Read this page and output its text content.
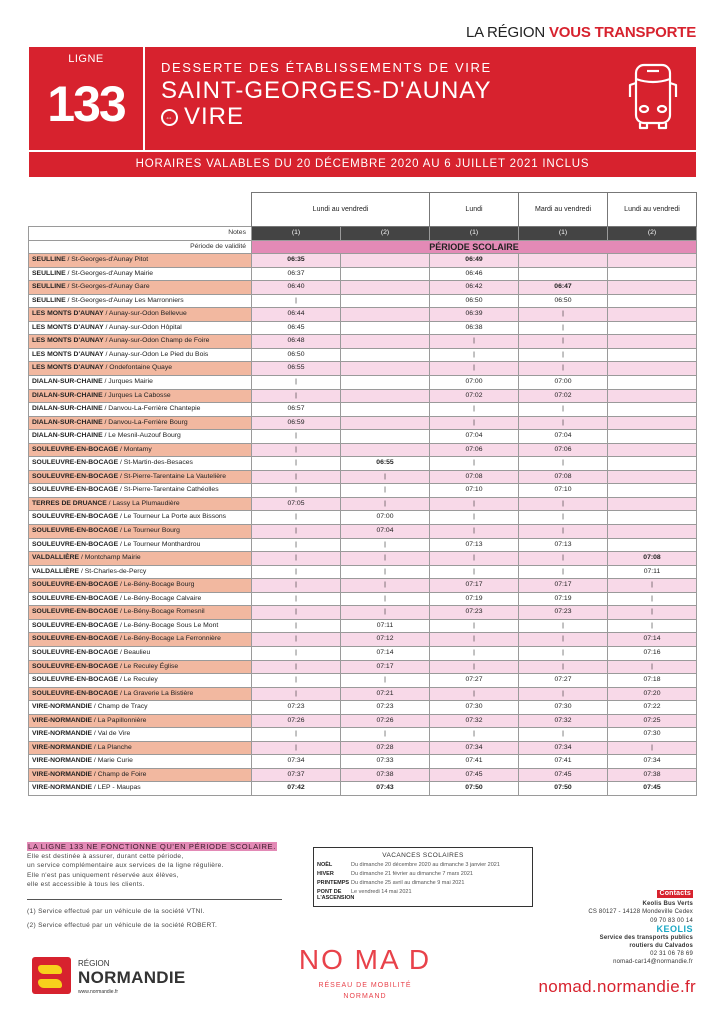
LA RÉGION VOUS TRANSPORTE
LIGNE
133
DESSERTE DES ÉTABLISSEMENTS DE VIRE
SAINT-GEORGES-D'AUNAY
⇔ VIRE
HORAIRES VALABLES DU 20 DÉCEMBRE 2020 AU 6 JUILLET 2021 INCLUS
	Lundi au vendredi		Lundi	Mardi au vendredi	Lundi au vendredi
Notes	(1)	(2)	(1)	(1)	(2)
Période de validité	PÉRIODE SCOLAIRE				
SEULLINE / St-Georges-d'Aunay Pitot	06:35		06:49		
SEULLINE / St-Georges-d'Aunay Mairie	06:37		06:46		
SEULLINE / St-Georges-d'Aunay Gare	06:40		06:42	06:47	
SEULLINE / St-Georges-d'Aunay Les Marronniers	|		06:50	06:50	
LES MONTS D'AUNAY / Aunay-sur-Odon Bellevue	06:44		06:39	|	
LES MONTS D'AUNAY / Aunay-sur-Odon Hôpital	06:45		06:38	|	
LES MONTS D'AUNAY / Aunay-sur-Odon Champ de Foire	06:48		|	|	
LES MONTS D'AUNAY / Aunay-sur-Odon Le Pied du Bois	06:50		|	|	
LES MONTS D'AUNAY / Ondefontaine Quaye	06:55		|	|	
DIALAN-SUR-CHAINE / Jurques Mairie	|		07:00	07:00	
DIALAN-SUR-CHAINE / Jurques La Cabosse	|		07:02	07:02	
DIALAN-SUR-CHAINE / Danvou-La-Ferrière Chantepie	06:57		|	|	
DIALAN-SUR-CHAINE / Danvou-La-Ferrière Bourg	06:59		|	|	
DIALAN-SUR-CHAINE / Le Mesnil-Auzouf Bourg	|		07:04	07:04	
SOULEUVRE-EN-BOCAGE / Montamy	|		07:06	07:06	
SOULEUVRE-EN-BOCAGE / St-Martin-des-Besaces	|	06:55	|	|	
SOULEUVRE-EN-BOCAGE / St-Pierre-Tarentaine La Vautelière	|	|	07:08	07:08	
SOULEUVRE-EN-BOCAGE / St-Pierre-Tarentaine Cathéolles	|	|	07:10	07:10	
TERRES DE DRUANCE / Lassy La Plumaudière	07:05	|	|	|	
SOULEUVRE-EN-BOCAGE / Le Tourneur La Porte aux Bissons	|	07:00	|	|	
SOULEUVRE-EN-BOCAGE / Le Tourneur Bourg	|	07:04	|	|	
SOULEUVRE-EN-BOCAGE / Le Tourneur Monthardrou	|	|	07:13	07:13	
VALDALLIÈRE / Montchamp Mairie	|	|	|	|	07:08
VALDALLIÈRE / St-Charles-de-Percy	|	|	|	|	07:11
SOULEUVRE-EN-BOCAGE / Le-Bény-Bocage Bourg	|	|	07:17	07:17	|
SOULEUVRE-EN-BOCAGE / Le-Bény-Bocage Calvaire	|	|	07:19	07:19	|
SOULEUVRE-EN-BOCAGE / Le-Bény-Bocage Romesnil	|	|	07:23	07:23	|
SOULEUVRE-EN-BOCAGE / Le-Bény-Bocage Sous Le Mont	|	07:11	|	|	|
SOULEUVRE-EN-BOCAGE / Le-Bény-Bocage La Ferronnière	|	07:12	|	|	07:14
SOULEUVRE-EN-BOCAGE / Beaulieu	|	07:14	|	|	07:16
SOULEUVRE-EN-BOCAGE / Le Reculey Église	|	07:17	|	|	|
SOULEUVRE-EN-BOCAGE / Le Reculey	|	|	07:27	07:27	07:18
SOULEUVRE-EN-BOCAGE / La Graverie La Bistière	|	07:21	|	|	07:20
VIRE-NORMANDIE / Champ de Tracy	07:23	07:23	07:30	07:30	07:22
VIRE-NORMANDIE / La Papillonnière	07:26	07:26	07:32	07:32	07:25
VIRE-NORMANDIE / Val de Vire	|	|	|	|	07:30
VIRE-NORMANDIE / La Planche	|	07:28	07:34	07:34	|
VIRE-NORMANDIE / Marie Curie	07:34	07:33	07:41	07:41	07:34
VIRE-NORMANDIE / Champ de Foire	07:37	07:38	07:45	07:45	07:38
VIRE-NORMANDIE / LEP - Maupas	07:42	07:43	07:50	07:50	07:45
LA LIGNE 133 NE FONCTIONNE QU'EN PÉRIODE SCOLAIRE.
Elle est destinée à assurer, durant cette période,
un service complémentaire aux services de la ligne régulière.
Elle n'est pas uniquement réservée aux élèves,
elle est accessible à tous les clients.
(1) Service effectué par un véhicule de la société VTNI.
(2) Service effectué par un véhicule de la société ROBERT.
VACANCES SCOLAIRES
NOËL	Du dimanche 20 décembre 2020 au dimanche 3 janvier 2021
HIVER	Du dimanche 21 février au dimanche 7 mars 2021
PRINTEMPS Du dimanche 25 avril au dimanche 9 mai 2021
PONT DE L'ASCENSION
Le vendredi 14 mai 2021	Contacts
Keolis Bus Verts
CS 80127 - 14128 Mondeville Cedex
09 70 83 00 14
KEOLIS
Service des transports publics
routiers du Calvados
02 31 06 78 69
nomad-car14@normandie.fr
RÉGION
NORMANDIE
www.normandie.fr
NO MA D
RÉSEAU DE MOBILITÉ
NORMAND
nomad.normandie.fr
